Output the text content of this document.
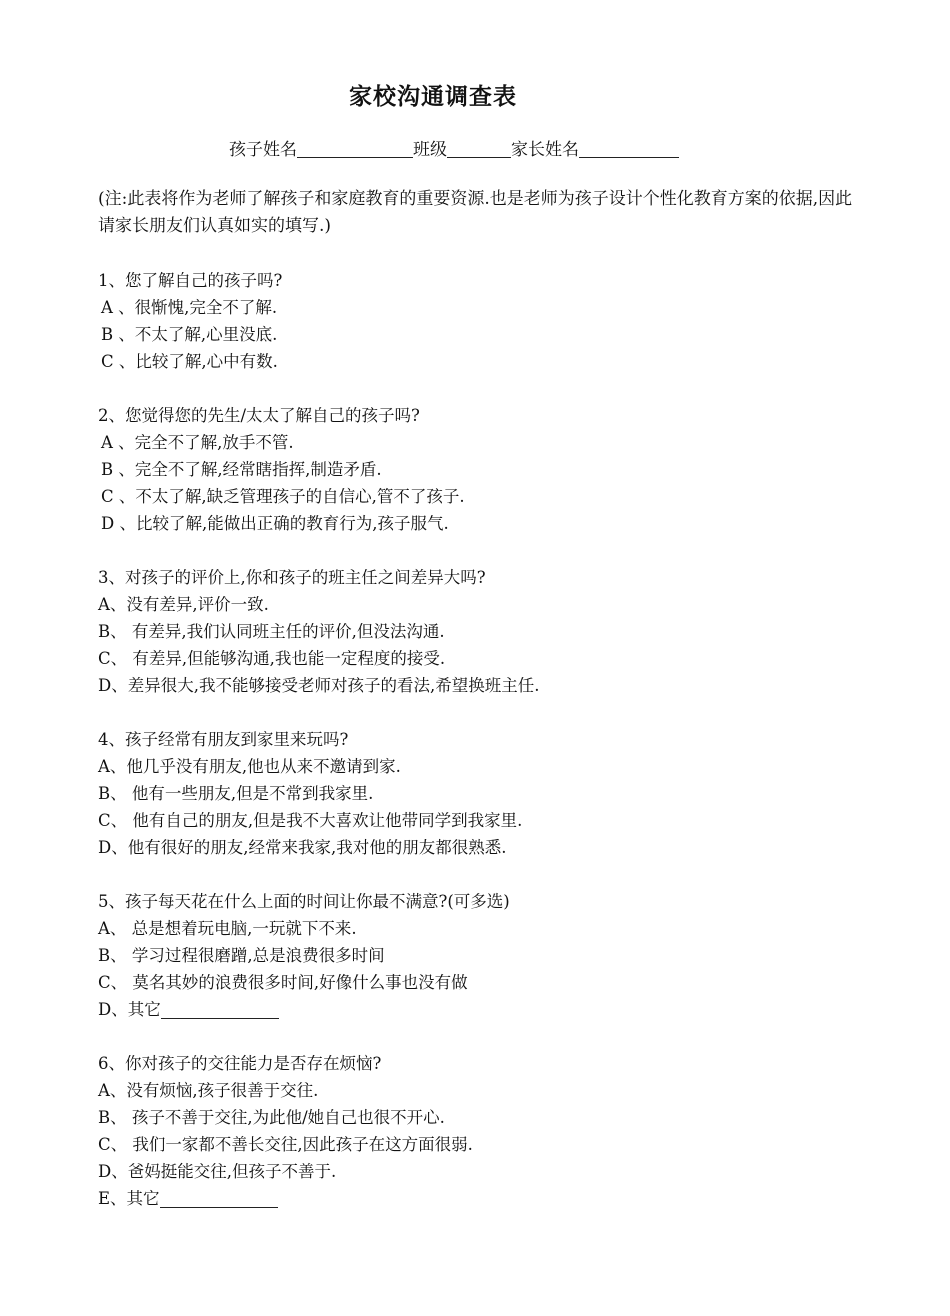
家校沟通调查表
孩子姓名	班级	家长姓名
(注:此表将作为老师了解孩子和家庭教育的重要资源.也是老师为孩子设计个性化教育方案的依据,因此请家长朋友们认真如实的填写.)
1、您了解自己的孩子吗?
A 、很惭愧,完全不了解.
B 、不太了解,心里没底.
C 、比较了解,心中有数.
2、您觉得您的先生/太太了解自己的孩子吗?
A 、完全不了解,放手不管.
B 、完全不了解,经常瞎指挥,制造矛盾.
C 、不太了解,缺乏管理孩子的自信心,管不了孩子.
D 、比较了解,能做出正确的教育行为,孩子服气.
3、对孩子的评价上,你和孩子的班主任之间差异大吗?
A、没有差异,评价一致.
B、 有差异,我们认同班主任的评价,但没法沟通.
C、 有差异,但能够沟通,我也能一定程度的接受.
D、差异很大,我不能够接受老师对孩子的看法,希望换班主任.
4、孩子经常有朋友到家里来玩吗?
A、他几乎没有朋友,他也从来不邀请到家.
B、 他有一些朋友,但是不常到我家里.
C、 他有自己的朋友,但是我不大喜欢让他带同学到我家里.
D、他有很好的朋友,经常来我家,我对他的朋友都很熟悉.
5、孩子每天花在什么上面的时间让你最不满意?(可多选)
A、 总是想着玩电脑,一玩就下不来.
B、 学习过程很磨蹭,总是浪费很多时间
C、 莫名其妙的浪费很多时间,好像什么事也没有做
D、其它
6、你对孩子的交往能力是否存在烦恼?
A、没有烦恼,孩子很善于交往.
B、 孩子不善于交往,为此他/她自己也很不开心.
C、 我们一家都不善长交往,因此孩子在这方面很弱.
D、爸妈挺能交往,但孩子不善于.
E、其它
